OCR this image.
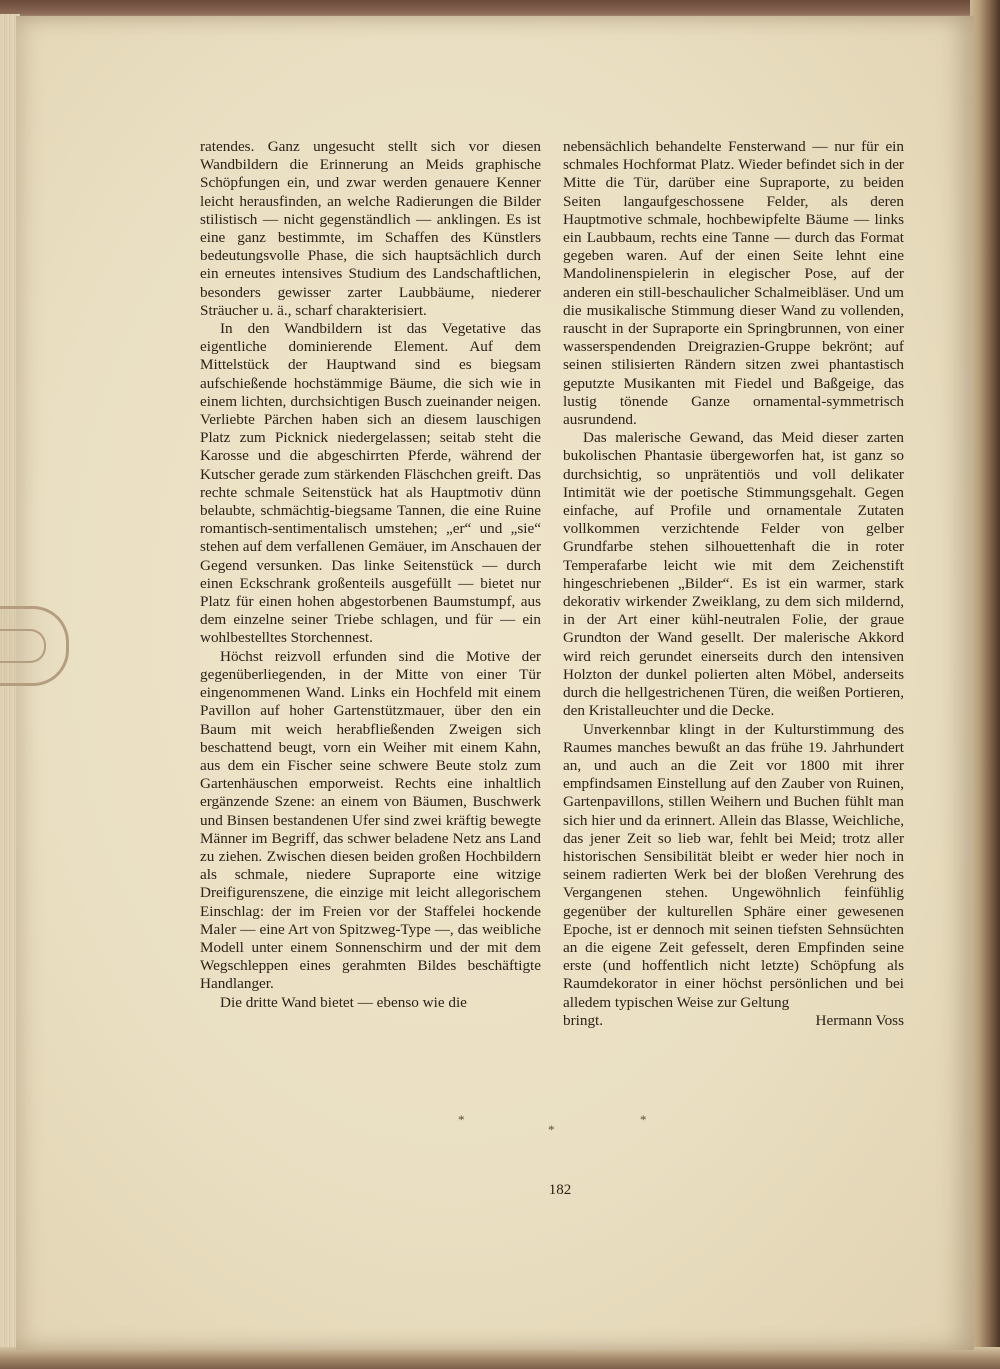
ratendes. Ganz ungesucht stellt sich vor diesen Wandbildern die Erinnerung an Meids graphische Schöpfungen ein, und zwar werden genauere Kenner leicht herausfinden, an welche Radierungen die Bilder stilistisch — nicht gegenständlich — anklingen. Es ist eine ganz bestimmte, im Schaffen des Künstlers bedeutungsvolle Phase, die sich hauptsächlich durch ein erneutes intensives Studium des Landschaftlichen, besonders gewisser zarter Laubbäume, niederer Sträucher u. ä., scharf charakterisiert.

In den Wandbildern ist das Vegetative das eigentliche dominierende Element. Auf dem Mittelstück der Hauptwand sind es biegsam aufschießende hochstämmige Bäume, die sich wie in einem lichten, durchsichtigen Busch zueinander neigen. Verliebte Pärchen haben sich an diesem lauschigen Platz zum Picknick niedergelassen; seitab steht die Karosse und die abgeschirrten Pferde, während der Kutscher gerade zum stärkenden Fläschchen greift. Das rechte schmale Seitenstück hat als Hauptmotiv dünn belaubte, schmächtig-biegsame Tannen, die eine Ruine romantisch-sentimentalisch umstehen; „er“ und „sie“ stehen auf dem verfallenen Gemäuer, im Anschauen der Gegend versunken. Das linke Seitenstück — durch einen Eckschrank großenteils ausgefüllt — bietet nur Platz für einen hohen abgestorbenen Baumstumpf, aus dem einzelne seiner Triebe schlagen, und für — ein wohlbestelltes Storchennest.

Höchst reizvoll erfunden sind die Motive der gegenüberliegenden, in der Mitte von einer Tür eingenommenen Wand. Links ein Hochfeld mit einem Pavillon auf hoher Gartenstützmauer, über den ein Baum mit weich herabfließenden Zweigen sich beschattend beugt, vorn ein Weiher mit einem Kahn, aus dem ein Fischer seine schwere Beute stolz zum Gartenhäuschen emporweist. Rechts eine inhaltlich ergänzende Szene: an einem von Bäumen, Buschwerk und Binsen bestandenen Ufer sind zwei kräftig bewegte Männer im Begriff, das schwer beladene Netz ans Land zu ziehen. Zwischen diesen beiden großen Hochbildern als schmale, niedere Supraporte eine witzige Dreifigurenszene, die einzige mit leicht allegorischem Einschlag: der im Freien vor der Staffelei hockende Maler — eine Art von Spitzweg-Type —, das weibliche Modell unter einem Sonnenschirm und der mit dem Wegschleppen eines gerahmten Bildes beschäftigte Handlanger.

Die dritte Wand bietet — ebenso wie die

nebensächlich behandelte Fensterwand — nur für ein schmales Hochformat Platz. Wieder befindet sich in der Mitte die Tür, darüber eine Supraporte, zu beiden Seiten langaufgeschossene Felder, als deren Hauptmotive schmale, hochbewipfelte Bäume — links ein Laubbaum, rechts eine Tanne — durch das Format gegeben waren. Auf der einen Seite lehnt eine Mandolinenspielerin in elegischer Pose, auf der anderen ein still-beschaulicher Schalmeibläser. Und um die musikalische Stimmung dieser Wand zu vollenden, rauscht in der Supraporte ein Springbrunnen, von einer wasserspendenden Dreigrazien-Gruppe bekrönt; auf seinen stilisierten Rändern sitzen zwei phantastisch geputzte Musikanten mit Fiedel und Baßgeige, das lustig tönende Ganze ornamental-symmetrisch ausrundend.

Das malerische Gewand, das Meid dieser zarten bukolischen Phantasie übergeworfen hat, ist ganz so durchsichtig, so unprätentiös und voll delikater Intimität wie der poetische Stimmungsgehalt. Gegen einfache, auf Profile und ornamentale Zutaten vollkommen verzichtende Felder von gelber Grundfarbe stehen silhouettenhaft die in roter Temperafarbe leicht wie mit dem Zeichenstift hingeschriebenen „Bilder“. Es ist ein warmer, stark dekorativ wirkender Zweiklang, zu dem sich mildernd, in der Art einer kühl-neutralen Folie, der graue Grundton der Wand gesellt. Der malerische Akkord wird reich gerundet einerseits durch den intensiven Holzton der dunkel polierten alten Möbel, anderseits durch die hellgestrichenen Türen, die weißen Portieren, den Kristalleuchter und die Decke.

Unverkennbar klingt in der Kulturstimmung des Raumes manches bewußt an das frühe 19. Jahrhundert an, und auch an die Zeit vor 1800 mit ihrer empfindsamen Einstellung auf den Zauber von Ruinen, Gartenpavillons, stillen Weihern und Buchen fühlt man sich hier und da erinnert. Allein das Blasse, Weichliche, das jener Zeit so lieb war, fehlt bei Meid; trotz aller historischen Sensibilität bleibt er weder hier noch in seinem radierten Werk bei der bloßen Verehrung des Vergangenen stehen. Ungewöhnlich feinfühlig gegenüber der kulturellen Sphäre einer gewesenen Epoche, ist er dennoch mit seinen tiefsten Sehnsüchten an die eigene Zeit gefesselt, deren Empfinden seine erste (und hoffentlich nicht letzte) Schöpfung als Raumdekorator in einer höchst persönlichen und bei alledem typischen Weise zur Geltung

bringt.	Hermann Voss
*
*
*
182
